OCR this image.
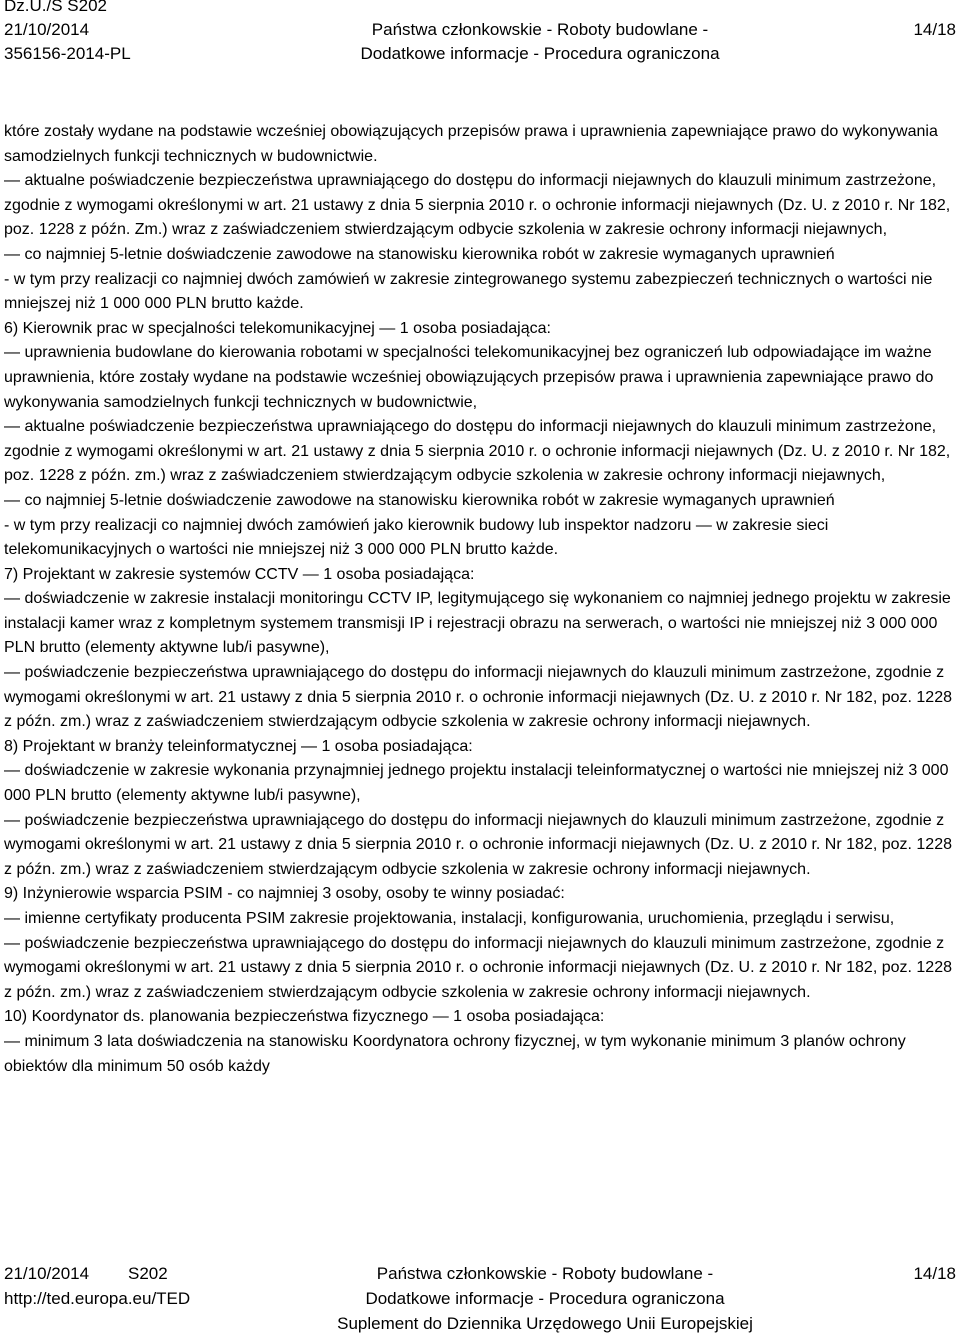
Dz.U./S S202
21/10/2014
356156-2014-PL
Państwa członkowskie - Roboty budowlane -
Dodatkowe informacje - Procedura ograniczona
14/18

które zostały wydane na podstawie wcześniej obowiązujących przepisów prawa i uprawnienia zapewniające prawo do wykonywania samodzielnych funkcji technicznych w budownictwie.

— aktualne poświadczenie bezpieczeństwa uprawniającego do dostępu do informacji niejawnych do klauzuli minimum zastrzeżone, zgodnie z wymogami określonymi w art. 21 ustawy z dnia 5 sierpnia 2010 r. o ochronie informacji niejawnych (Dz. U. z 2010 r. Nr 182, poz. 1228 z późn. Zm.) wraz z zaświadczeniem stwierdzającym odbycie szkolenia w zakresie ochrony informacji niejawnych,

— co najmniej 5-letnie doświadczenie zawodowe na stanowisku kierownika robót w zakresie wymaganych uprawnień

- w tym przy realizacji co najmniej dwóch zamówień w zakresie zintegrowanego systemu zabezpieczeń technicznych o wartości nie mniejszej niż 1 000 000 PLN brutto każde.

6) Kierownik prac w specjalności telekomunikacyjnej — 1 osoba posiadająca:

— uprawnienia budowlane do kierowania robotami w specjalności telekomunikacyjnej bez ograniczeń lub odpowiadające im ważne uprawnienia, które zostały wydane na podstawie wcześniej obowiązujących przepisów prawa i uprawnienia zapewniające prawo do wykonywania samodzielnych funkcji technicznych w budownictwie,

— aktualne poświadczenie bezpieczeństwa uprawniającego do dostępu do informacji niejawnych do klauzuli minimum zastrzeżone, zgodnie z wymogami określonymi w art. 21 ustawy z dnia 5 sierpnia 2010 r. o ochronie informacji niejawnych (Dz. U. z 2010 r. Nr 182, poz. 1228 z późn. zm.) wraz z zaświadczeniem stwierdzającym odbycie szkolenia w zakresie ochrony informacji niejawnych,

— co najmniej 5-letnie doświadczenie zawodowe na stanowisku kierownika robót w zakresie wymaganych uprawnień

- w tym przy realizacji co najmniej dwóch zamówień jako kierownik budowy lub inspektor nadzoru — w zakresie sieci telekomunikacyjnych o wartości nie mniejszej niż 3 000 000 PLN brutto każde.

7) Projektant w zakresie systemów CCTV — 1 osoba posiadająca:

— doświadczenie w zakresie instalacji monitoringu CCTV IP, legitymującego się wykonaniem co najmniej jednego projektu w zakresie instalacji kamer wraz z kompletnym systemem transmisji IP i rejestracji obrazu na serwerach, o wartości nie mniejszej niż 3 000 000 PLN brutto (elementy aktywne lub/i pasywne),

— poświadczenie bezpieczeństwa uprawniającego do dostępu do informacji niejawnych do klauzuli minimum zastrzeżone, zgodnie z wymogami określonymi w art. 21 ustawy z dnia 5 sierpnia 2010 r. o ochronie informacji niejawnych (Dz. U. z 2010 r. Nr 182, poz. 1228 z późn. zm.) wraz z zaświadczeniem stwierdzającym odbycie szkolenia w zakresie ochrony informacji niejawnych.

8) Projektant w branży teleinformatycznej — 1 osoba posiadająca:

— doświadczenie w zakresie wykonania przynajmniej jednego projektu instalacji teleinformatycznej o wartości nie mniejszej niż 3 000 000 PLN brutto (elementy aktywne lub/i pasywne),

— poświadczenie bezpieczeństwa uprawniającego do dostępu do informacji niejawnych do klauzuli minimum zastrzeżone, zgodnie z wymogami określonymi w art. 21 ustawy z dnia 5 sierpnia 2010 r. o ochronie informacji niejawnych (Dz. U. z 2010 r. Nr 182, poz. 1228 z późn. zm.) wraz z zaświadczeniem stwierdzającym odbycie szkolenia w zakresie ochrony informacji niejawnych.

9) Inżynierowie wsparcia PSIM - co najmniej 3 osoby, osoby te winny posiadać:

— imienne certyfikaty producenta PSIM zakresie projektowania, instalacji, konfigurowania, uruchomienia, przeglądu i serwisu,

— poświadczenie bezpieczeństwa uprawniającego do dostępu do informacji niejawnych do klauzuli minimum zastrzeżone, zgodnie z wymogami określonymi w art. 21 ustawy z dnia 5 sierpnia 2010 r. o ochronie informacji niejawnych (Dz. U. z 2010 r. Nr 182, poz. 1228 z późn. zm.) wraz z zaświadczeniem stwierdzającym odbycie szkolenia w zakresie ochrony informacji niejawnych.

10) Koordynator ds. planowania bezpieczeństwa fizycznego — 1 osoba posiadająca:

— minimum 3 lata doświadczenia na stanowisku Koordynatora ochrony fizycznej, w tym wykonanie minimum 3 planów ochrony obiektów dla minimum 50 osób każdy

21/10/2014
http://ted.europa.eu/TED
S202	Państwa członkowskie - Roboty budowlane -
Dodatkowe informacje - Procedura ograniczona
Suplement do Dziennika Urzędowego Unii Europejskiej
14/18
